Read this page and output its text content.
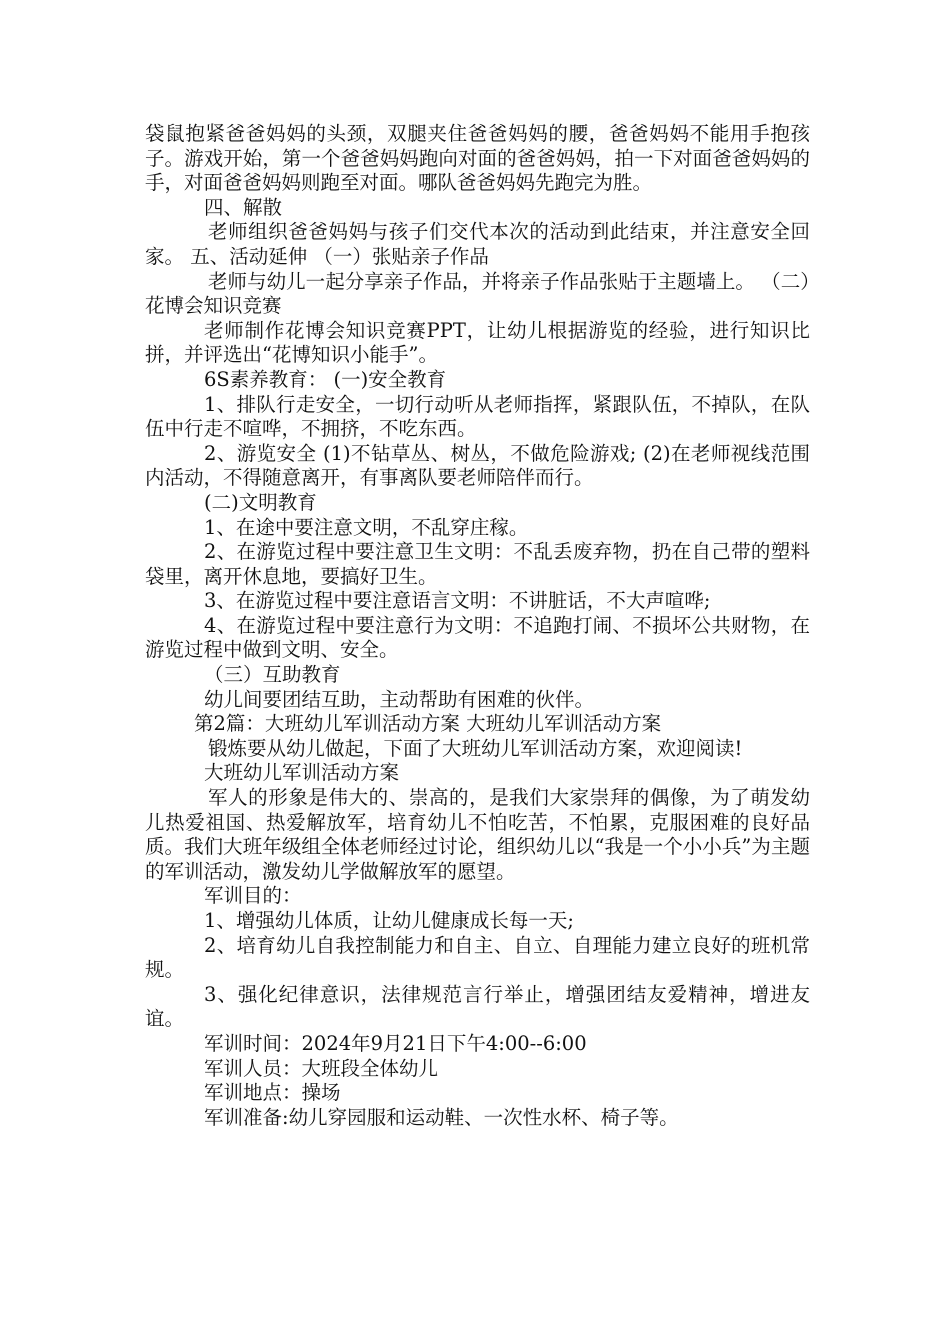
袋鼠抱紧爸爸妈妈的头颈，双腿夹住爸爸妈妈的腰，爸爸妈妈不能用手抱孩子。游戏开始，第一个爸爸妈妈跑向对面的爸爸妈妈，拍一下对面爸爸妈妈的手，对面爸爸妈妈则跑至对面。哪队爸爸妈妈先跑完为胜。

四、解散

老师组织爸爸妈妈与孩子们交代本次的活动到此结束，并注意安全回家。 五、活动延伸 （一）张贴亲子作品

老师与幼儿一起分享亲子作品，并将亲子作品张贴于主题墙上。 （二）花博会知识竞赛

老师制作花博会知识竞赛PPT，让幼儿根据游览的经验，进行知识比拼，并评选出“花博知识小能手”。

6S素养教育： (一)安全教育

1、排队行走安全，一切行动听从老师指挥，紧跟队伍，不掉队，在队伍中行走不喧哗，不拥挤，不吃东西。

2、游览安全 (1)不钻草丛、树丛，不做危险游戏; (2)在老师视线范围内活动，不得随意离开，有事离队要老师陪伴而行。

(二)文明教育

1、在途中要注意文明，不乱穿庄稼。

2、在游览过程中要注意卫生文明：不乱丢废弃物，扔在自己带的塑料袋里，离开休息地，要搞好卫生。

3、在游览过程中要注意语言文明：不讲脏话，不大声喧哗;

4、在游览过程中要注意行为文明：不追跑打闹、不损坏公共财物，在游览过程中做到文明、安全。

（三）互助教育

幼儿间要团结互助，主动帮助有困难的伙伴。

第2篇：大班幼儿军训活动方案 大班幼儿军训活动方案

锻炼要从幼儿做起，下面了大班幼儿军训活动方案，欢迎阅读!

大班幼儿军训活动方案

军人的形象是伟大的、崇高的，是我们大家崇拜的偶像，为了萌发幼儿热爱祖国、热爱解放军，培育幼儿不怕吃苦，不怕累，克服困难的良好品质。我们大班年级组全体老师经过讨论，组织幼儿以“我是一个小小兵”为主题的军训活动，激发幼儿学做解放军的愿望。

军训目的：

1、增强幼儿体质，让幼儿健康成长每一天;

2、培育幼儿自我控制能力和自主、自立、自理能力建立良好的班机常规。

3、强化纪律意识，法律规范言行举止，增强团结友爱精神，增进友谊。

军训时间：2024年9月21日下午4:00--6:00

军训人员：大班段全体幼儿

军训地点：操场

军训准备:幼儿穿园服和运动鞋、一次性水杯、椅子等。
